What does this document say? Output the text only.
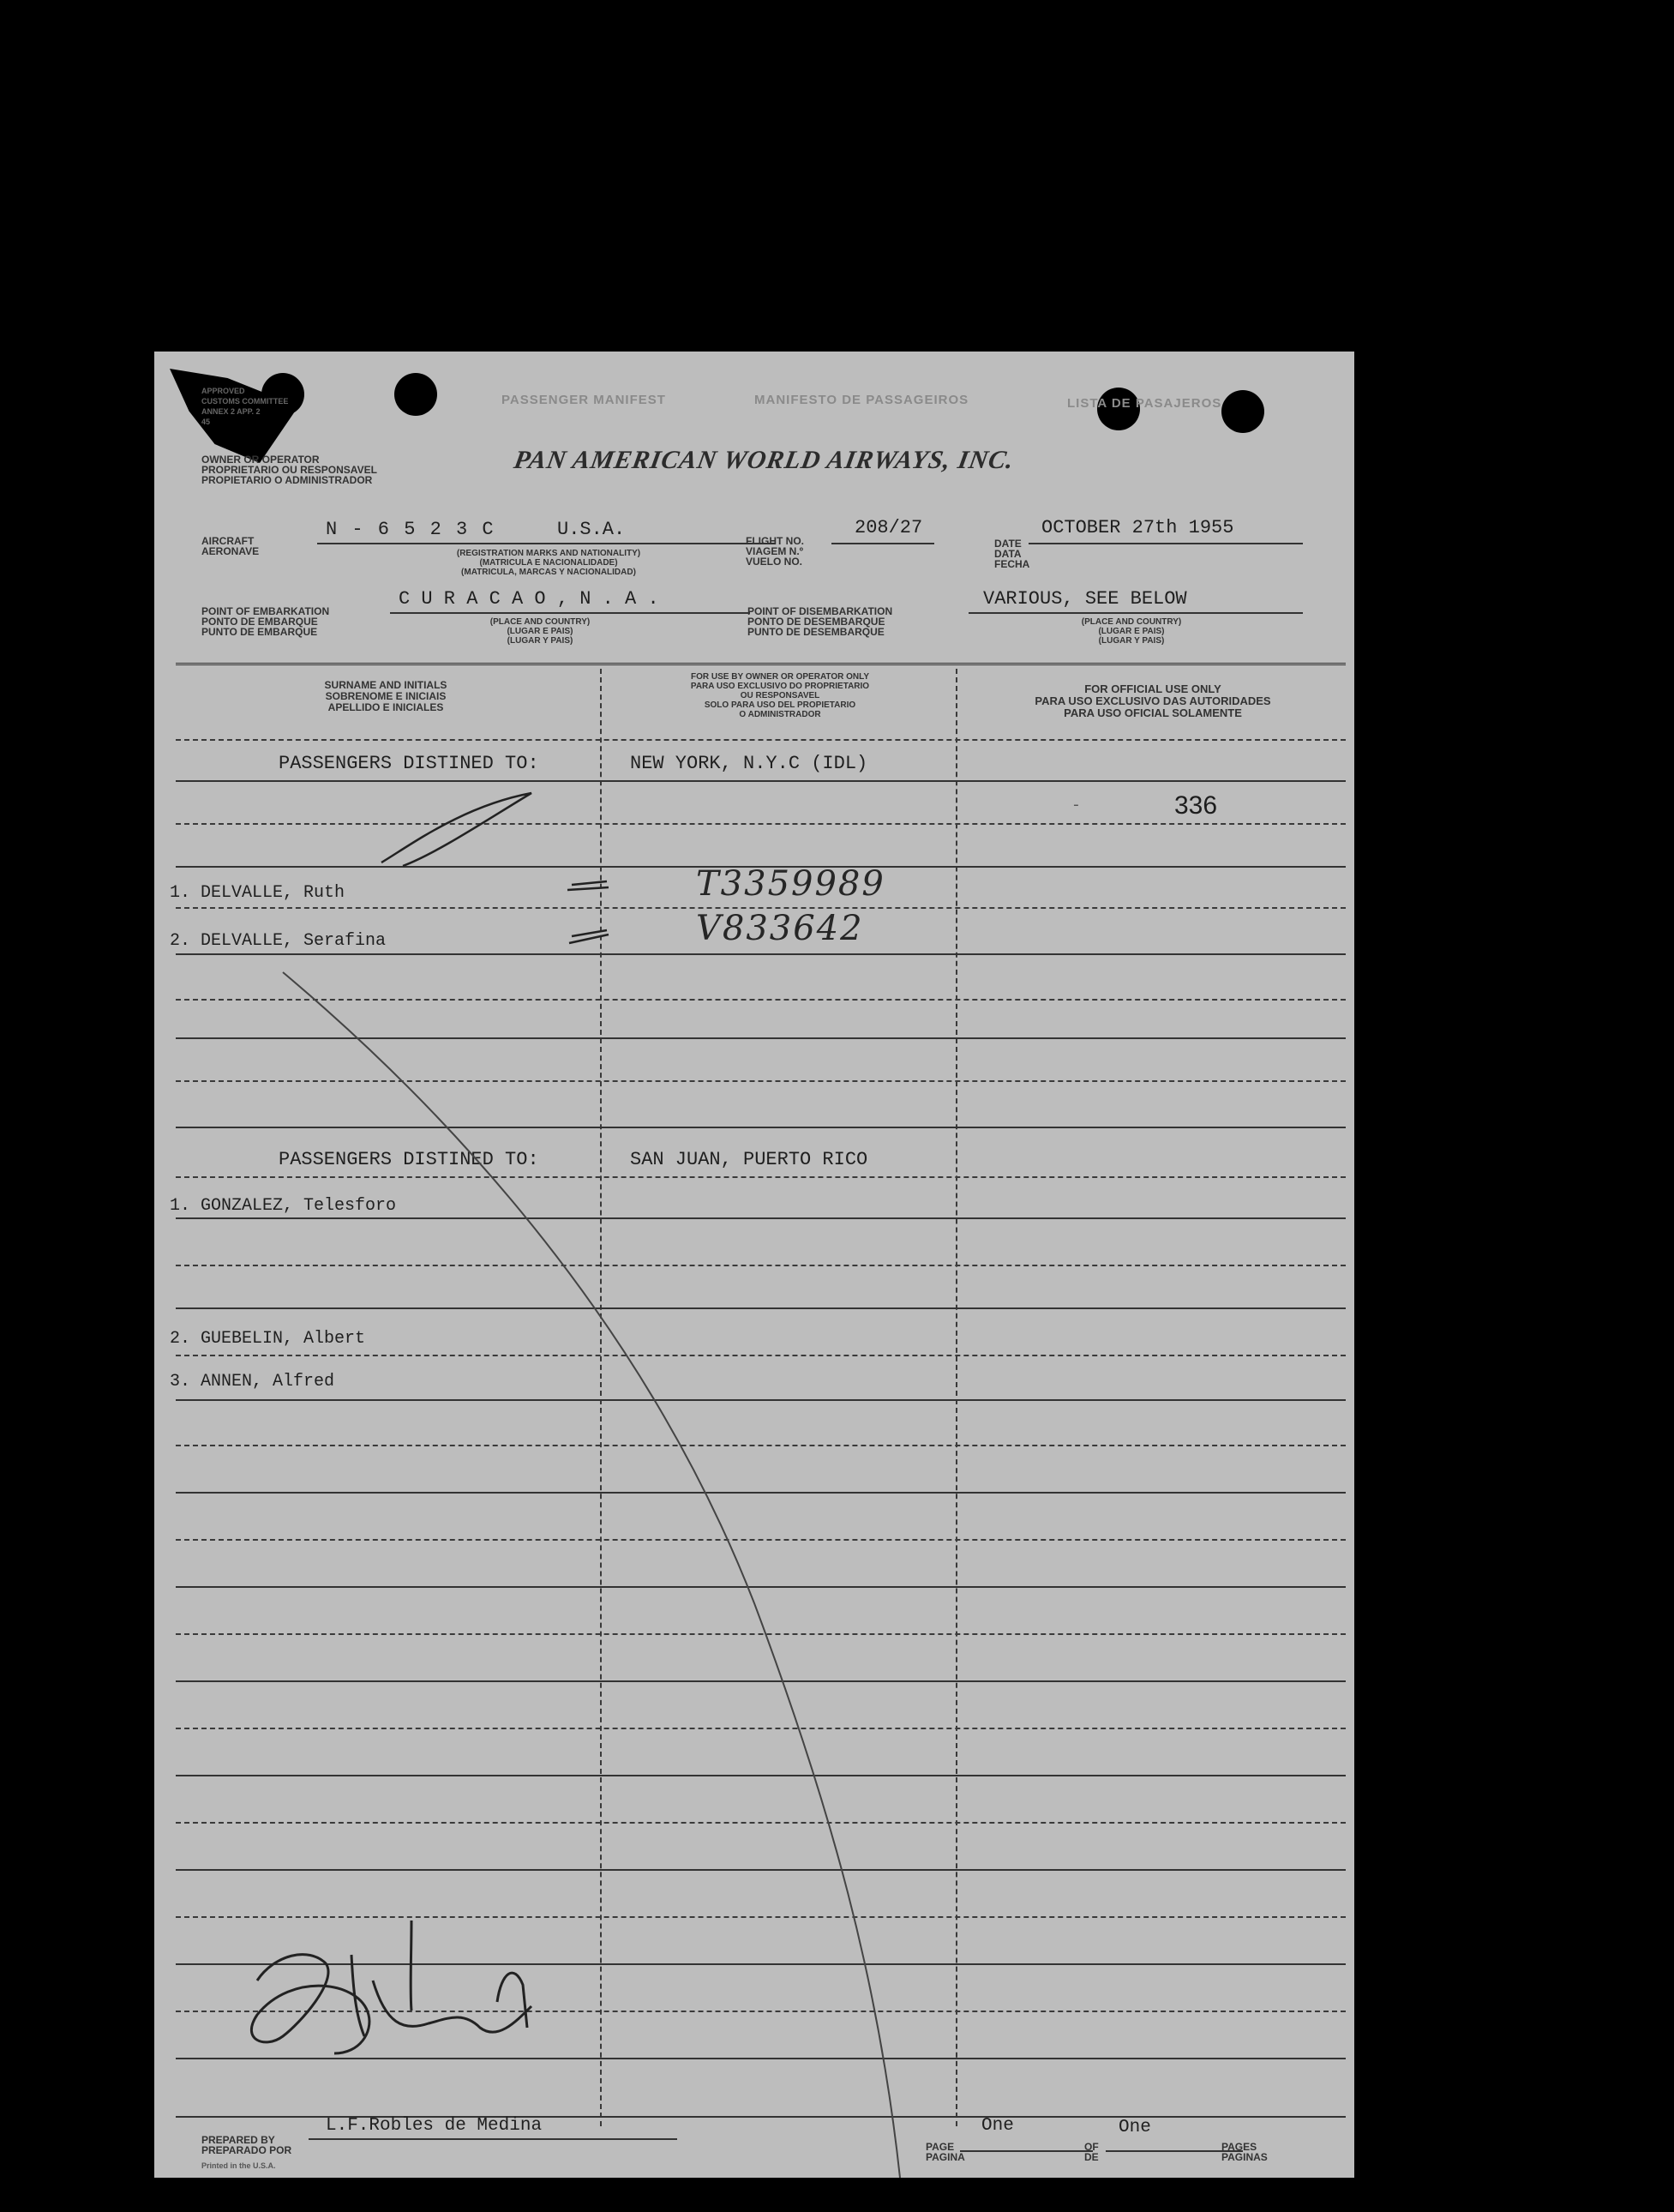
APPROVED
CUSTOMS COMMITTEE
ANNEX 2 APP. 2
45
PASSENGER MANIFEST	MANIFESTO DE PASSAGEIROS	LISTA DE PASAJEROS
OWNER OR OPERATOR
PROPRIETARIO OU RESPONSAVEL
PROPIETARIO O ADMINISTRADOR
PAN AMERICAN WORLD AIRWAYS, INC.
AIRCRAFT
AERONAVE
N - 6 5 2 3 C	U.S.A.
(REGISTRATION MARKS AND NATIONALITY)
(MATRICULA E NACIONALIDADE)
(MATRICULA, MARCAS Y NACIONALIDAD)
FLIGHT NO.
VIAGEM N.º
VUELO NO.
208/27
DATE
DATA
FECHA
OCTOBER 27th 1955
POINT OF EMBARKATION
PONTO DE EMBARQUE
PUNTO DE EMBARQUE
C U R A C A O , N . A .
(PLACE AND COUNTRY)
(LUGAR E PAIS)
(LUGAR Y PAIS)
POINT OF DISEMBARKATION
PONTO DE DESEMBARQUE
PUNTO DE DESEMBARQUE
VARIOUS, SEE BELOW
(PLACE AND COUNTRY)
(LUGAR E PAIS)
(LUGAR Y PAIS)
SURNAME AND INITIALS
SOBRENOME E INICIAIS
APELLIDO E INICIALES
FOR USE BY OWNER OR OPERATOR ONLY
PARA USO EXCLUSIVO DO PROPRIETARIO
OU RESPONSAVEL
SOLO PARA USO DEL PROPIETARIO
O ADMINISTRADOR
FOR OFFICIAL USE ONLY
PARA USO EXCLUSIVO DAS AUTORIDADES
PARA USO OFICIAL SOLAMENTE
PASSENGERS DISTINED TO:	NEW YORK, N.Y.C (IDL)
336
-
1. DELVALLE, Ruth	T3359989
2. DELVALLE, Serafina	V833642
PASSENGERS DISTINED TO:	SAN JUAN, PUERTO RICO
1. GONZALEZ, Telesforo
2. GUEBELIN, Albert
3. ANNEN, Alfred
PREPARED BY
PREPARADO POR
L.F.Robles de Medina
Printed in the U.S.A.
PAGE
PAGINA
One
OF
DE
One
PAGES
PAGINAS
